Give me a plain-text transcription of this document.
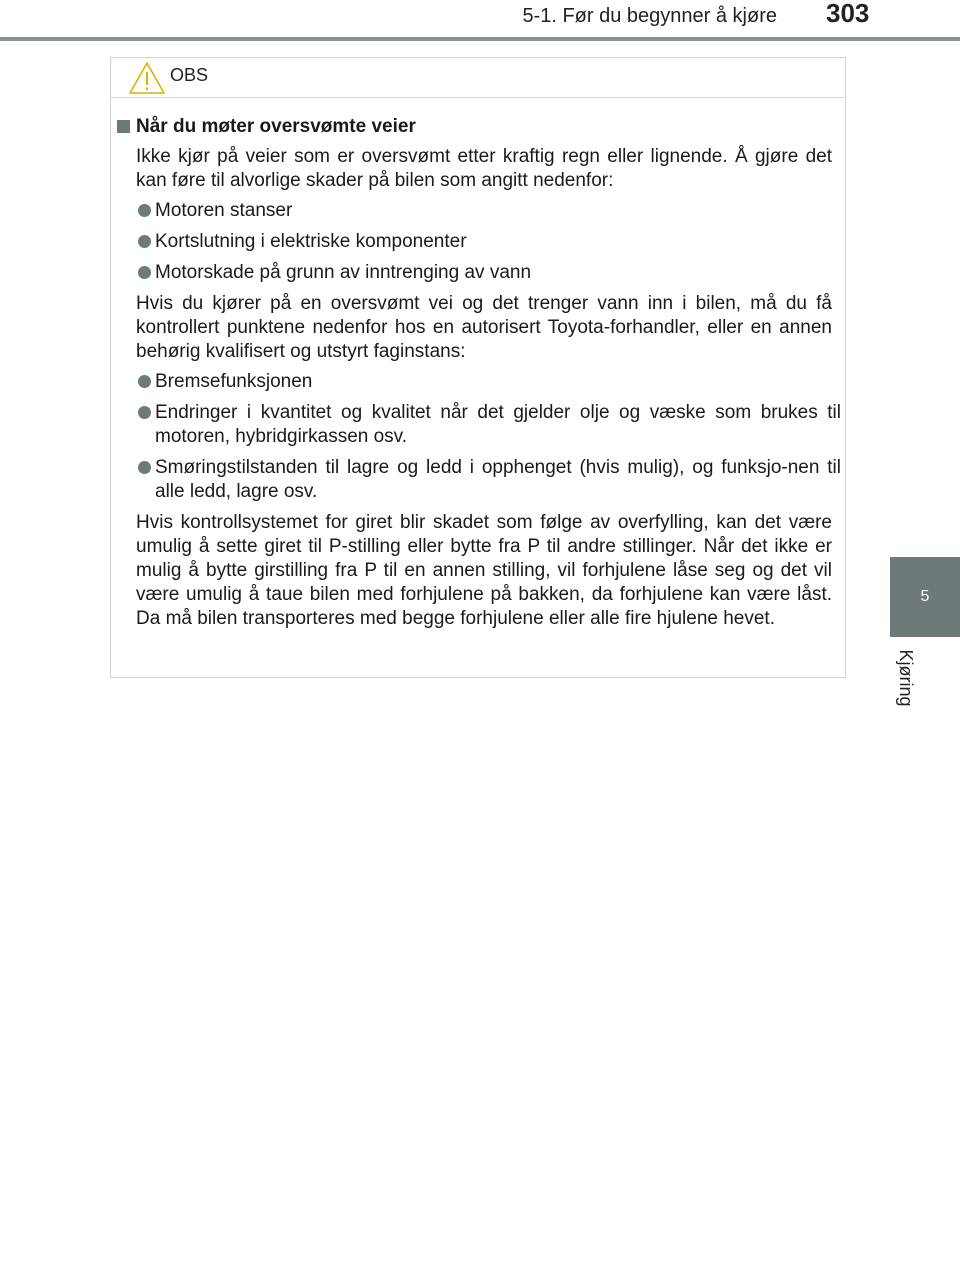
5-1. Før du begynner å kjøre 303
5
Kjøring
OBS
Når du møter oversvømte veier

Ikke kjør på veier som er oversvømt etter kraftig regn eller lignende. Å gjøre det kan føre til alvorlige skader på bilen som angitt nedenfor:

Motoren stanser
Kortslutning i elektriske komponenter
Motorskade på grunn av inntrenging av vann

Hvis du kjører på en oversvømt vei og det trenger vann inn i bilen, må du få kontrollert punktene nedenfor hos en autorisert Toyota-forhandler, eller en annen behørig kvalifisert og utstyrt faginstans:

Bremsefunksjonen
Endringer i kvantitet og kvalitet når det gjelder olje og væske som brukes til motoren, hybridgirkassen osv.
Smøringstilstanden til lagre og ledd i opphenget (hvis mulig), og funksjo-nen til alle ledd, lagre osv.

Hvis kontrollsystemet for giret blir skadet som følge av overfylling, kan det være umulig å sette giret til P-stilling eller bytte fra P til andre stillinger. Når det ikke er mulig å bytte girstilling fra P til en annen stilling, vil forhjulene låse seg og det vil være umulig å taue bilen med forhjulene på bakken, da forhjulene kan være låst. Da må bilen transporteres med begge forhjulene eller alle fire hjulene hevet.
